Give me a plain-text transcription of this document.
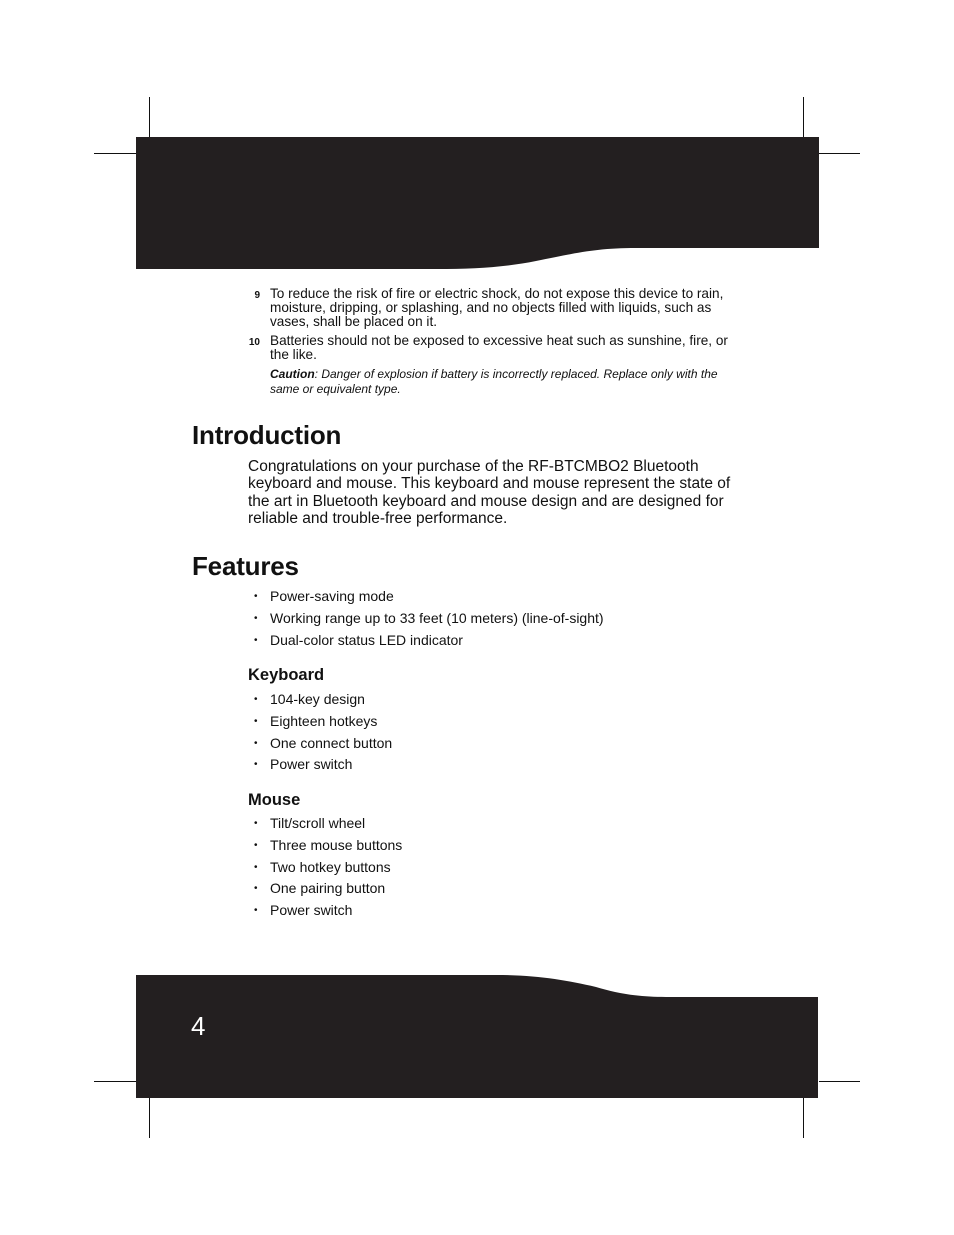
9 To reduce the risk of fire or electric shock, do not expose this device to rain, moisture, dripping, or splashing, and no objects filled with liquids, such as vases, shall be placed on it.
10 Batteries should not be exposed to excessive heat such as sunshine, fire, or the like.
Caution: Danger of explosion if battery is incorrectly replaced. Replace only with the same or equivalent type.
Introduction

Congratulations on your purchase of the RF-BTCMBO2 Bluetooth keyboard and mouse. This keyboard and mouse represent the state of the art in Bluetooth keyboard and mouse design and are designed for reliable and trouble-free performance.

Features
• Power-saving mode
• Working range up to 33 feet (10 meters) (line-of-sight)
• Dual-color status LED indicator
Keyboard
• 104-key design
• Eighteen hotkeys
• One connect button
• Power switch
Mouse
• Tilt/scroll wheel
• Three mouse buttons
• Two hotkey buttons
• One pairing button
• Power switch
4
